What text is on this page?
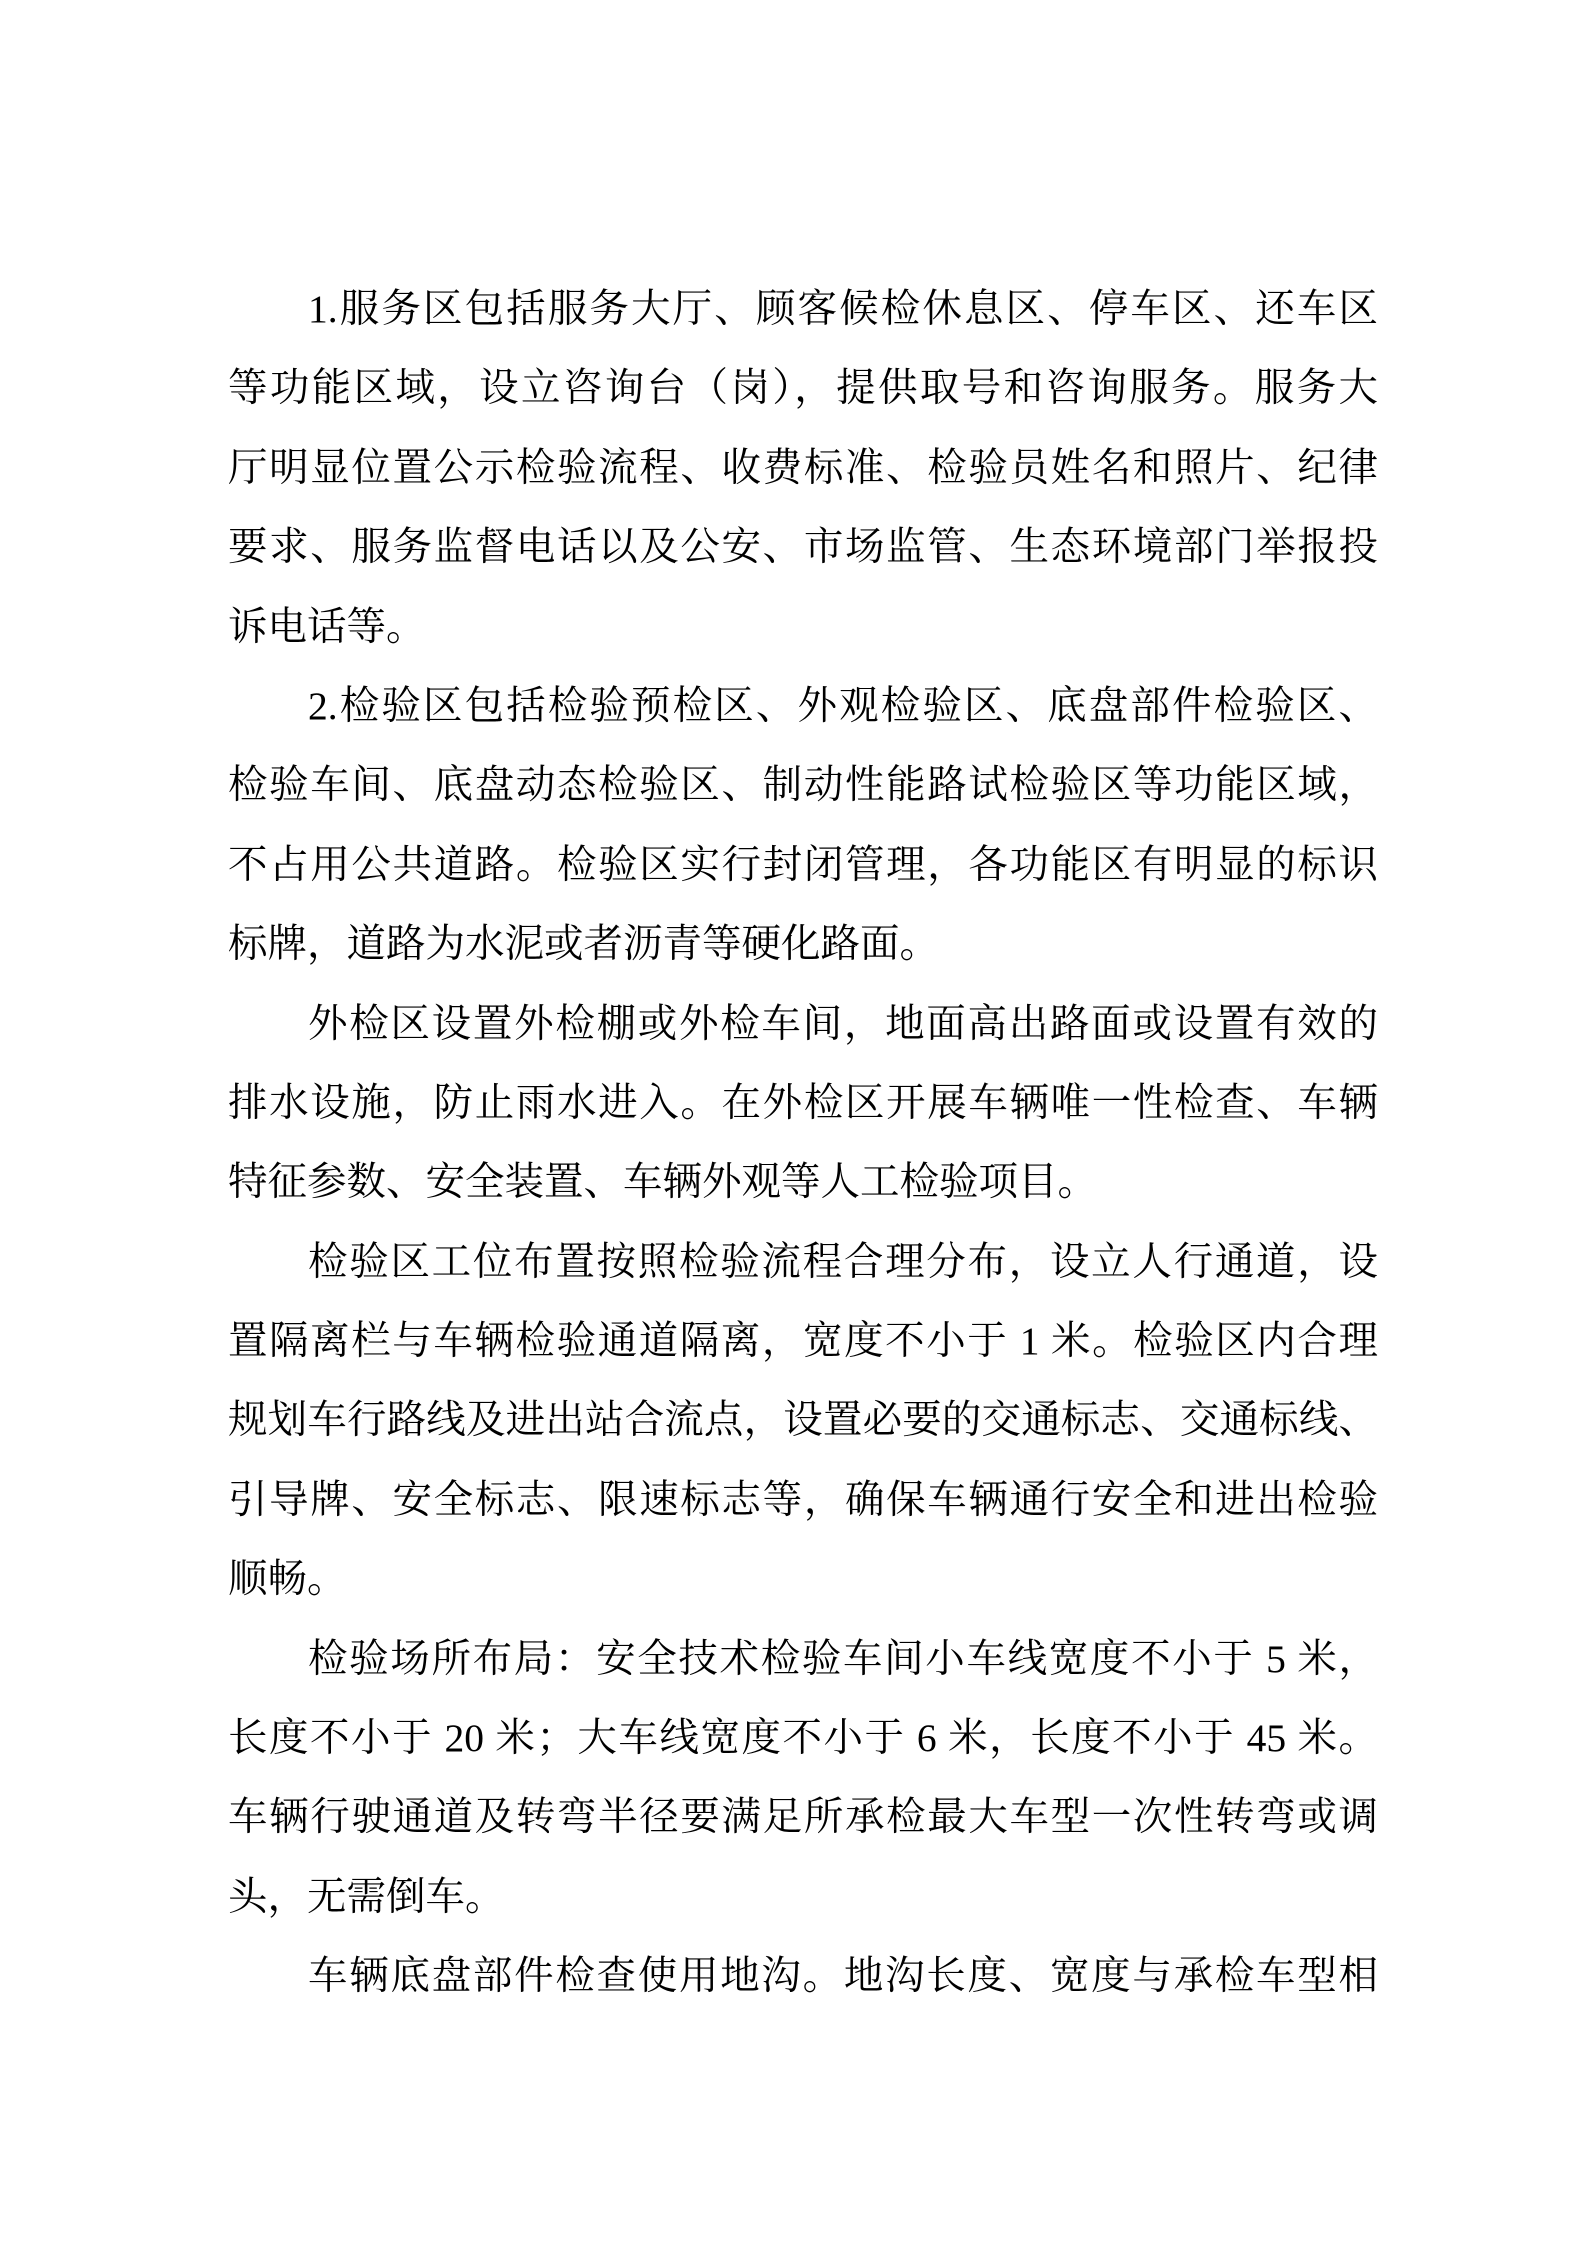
1.服务区包括服务大厅、顾客候检休息区、停车区、还车区
等功能区域，设立咨询台（岗），提供取号和咨询服务。服务大
厅明显位置公示检验流程、收费标准、检验员姓名和照片、纪律
要求、服务监督电话以及公安、市场监管、生态环境部门举报投
诉电话等。
2.检验区包括检验预检区、外观检验区、底盘部件检验区、
检验车间、底盘动态检验区、制动性能路试检验区等功能区域，
不占用公共道路。检验区实行封闭管理，各功能区有明显的标识
标牌，道路为水泥或者沥青等硬化路面。
外检区设置外检棚或外检车间，地面高出路面或设置有效的
排水设施，防止雨水进入。在外检区开展车辆唯一性检查、车辆
特征参数、安全装置、车辆外观等人工检验项目。
检验区工位布置按照检验流程合理分布，设立人行通道，设
置隔离栏与车辆检验通道隔离，宽度不小于 1 米。检验区内合理
规划车行路线及进出站合流点，设置必要的交通标志、交通标线、
引导牌、安全标志、限速标志等，确保车辆通行安全和进出检验
顺畅。
检验场所布局：安全技术检验车间小车线宽度不小于 5 米，
长度不小于 20 米；大车线宽度不小于 6 米，长度不小于 45 米。
车辆行驶通道及转弯半径要满足所承检最大车型一次性转弯或调
头，无需倒车。
车辆底盘部件检查使用地沟。地沟长度、宽度与承检车型相
